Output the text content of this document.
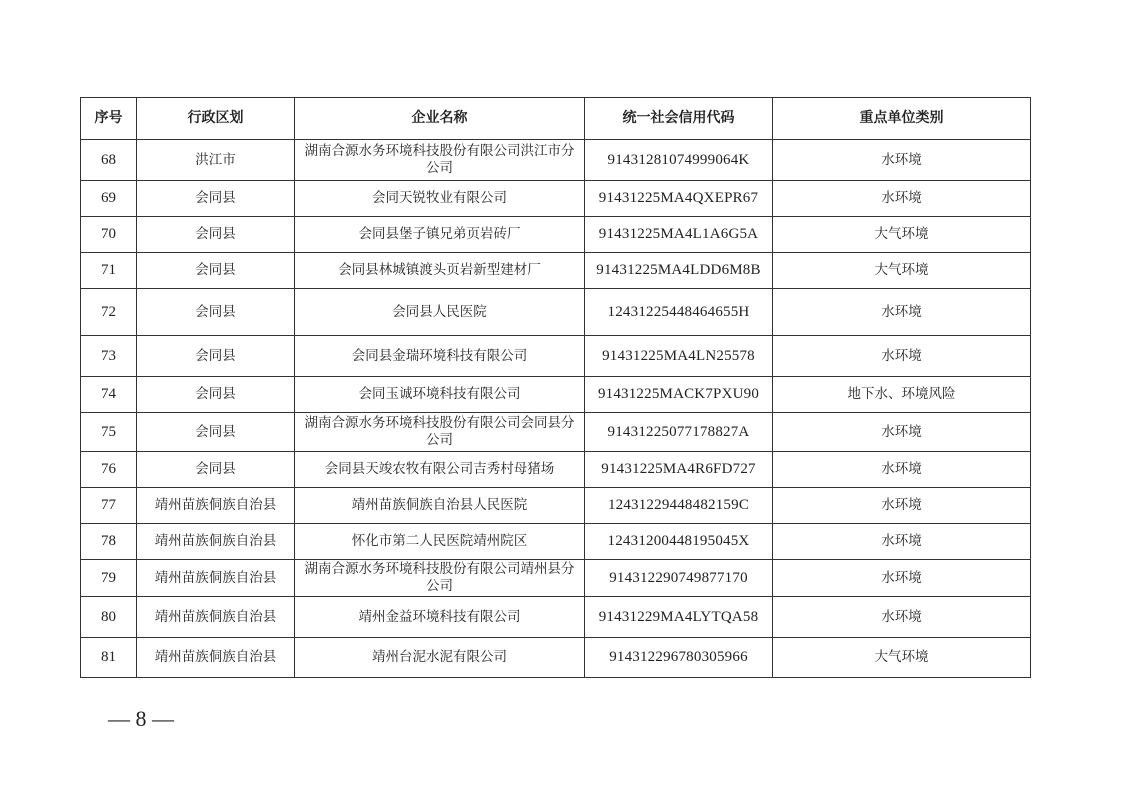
序号	行政区划	企业名称	统一社会信用代码	重点单位类别
68	洪江市	湖南合源水务环境科技股份有限公司洪江市分公司	91431281074999064K	水环境
69	会同县	会同天锐牧业有限公司	91431225MA4QXEPR67	水环境
70	会同县	会同县堡子镇兄弟页岩砖厂	91431225MA4L1A6G5A	大气环境
71	会同县	会同县林城镇渡头页岩新型建材厂	91431225MA4LDD6M8B	大气环境
72	会同县	会同县人民医院	12431225448464655H	水环境
73	会同县	会同县金瑞环境科技有限公司	91431225MA4LN25578	水环境
74	会同县	会同玉诚环境科技有限公司	91431225MACK7PXU90	地下水、环境风险
75	会同县	湖南合源水务环境科技股份有限公司会同县分公司	91431225077178827A	水环境
76	会同县	会同县天竣农牧有限公司吉秀村母猪场	91431225MA4R6FD727	水环境
77	靖州苗族侗族自治县	靖州苗族侗族自治县人民医院	12431229448482159C	水环境
78	靖州苗族侗族自治县	怀化市第二人民医院靖州院区	12431200448195045X	水环境
79	靖州苗族侗族自治县	湖南合源水务环境科技股份有限公司靖州县分公司	914312290749877170	水环境
80	靖州苗族侗族自治县	靖州金益环境科技有限公司	91431229MA4LYTQA58	水环境
81	靖州苗族侗族自治县	靖州台泥水泥有限公司	914312296780305966	大气环境
— 8 —
